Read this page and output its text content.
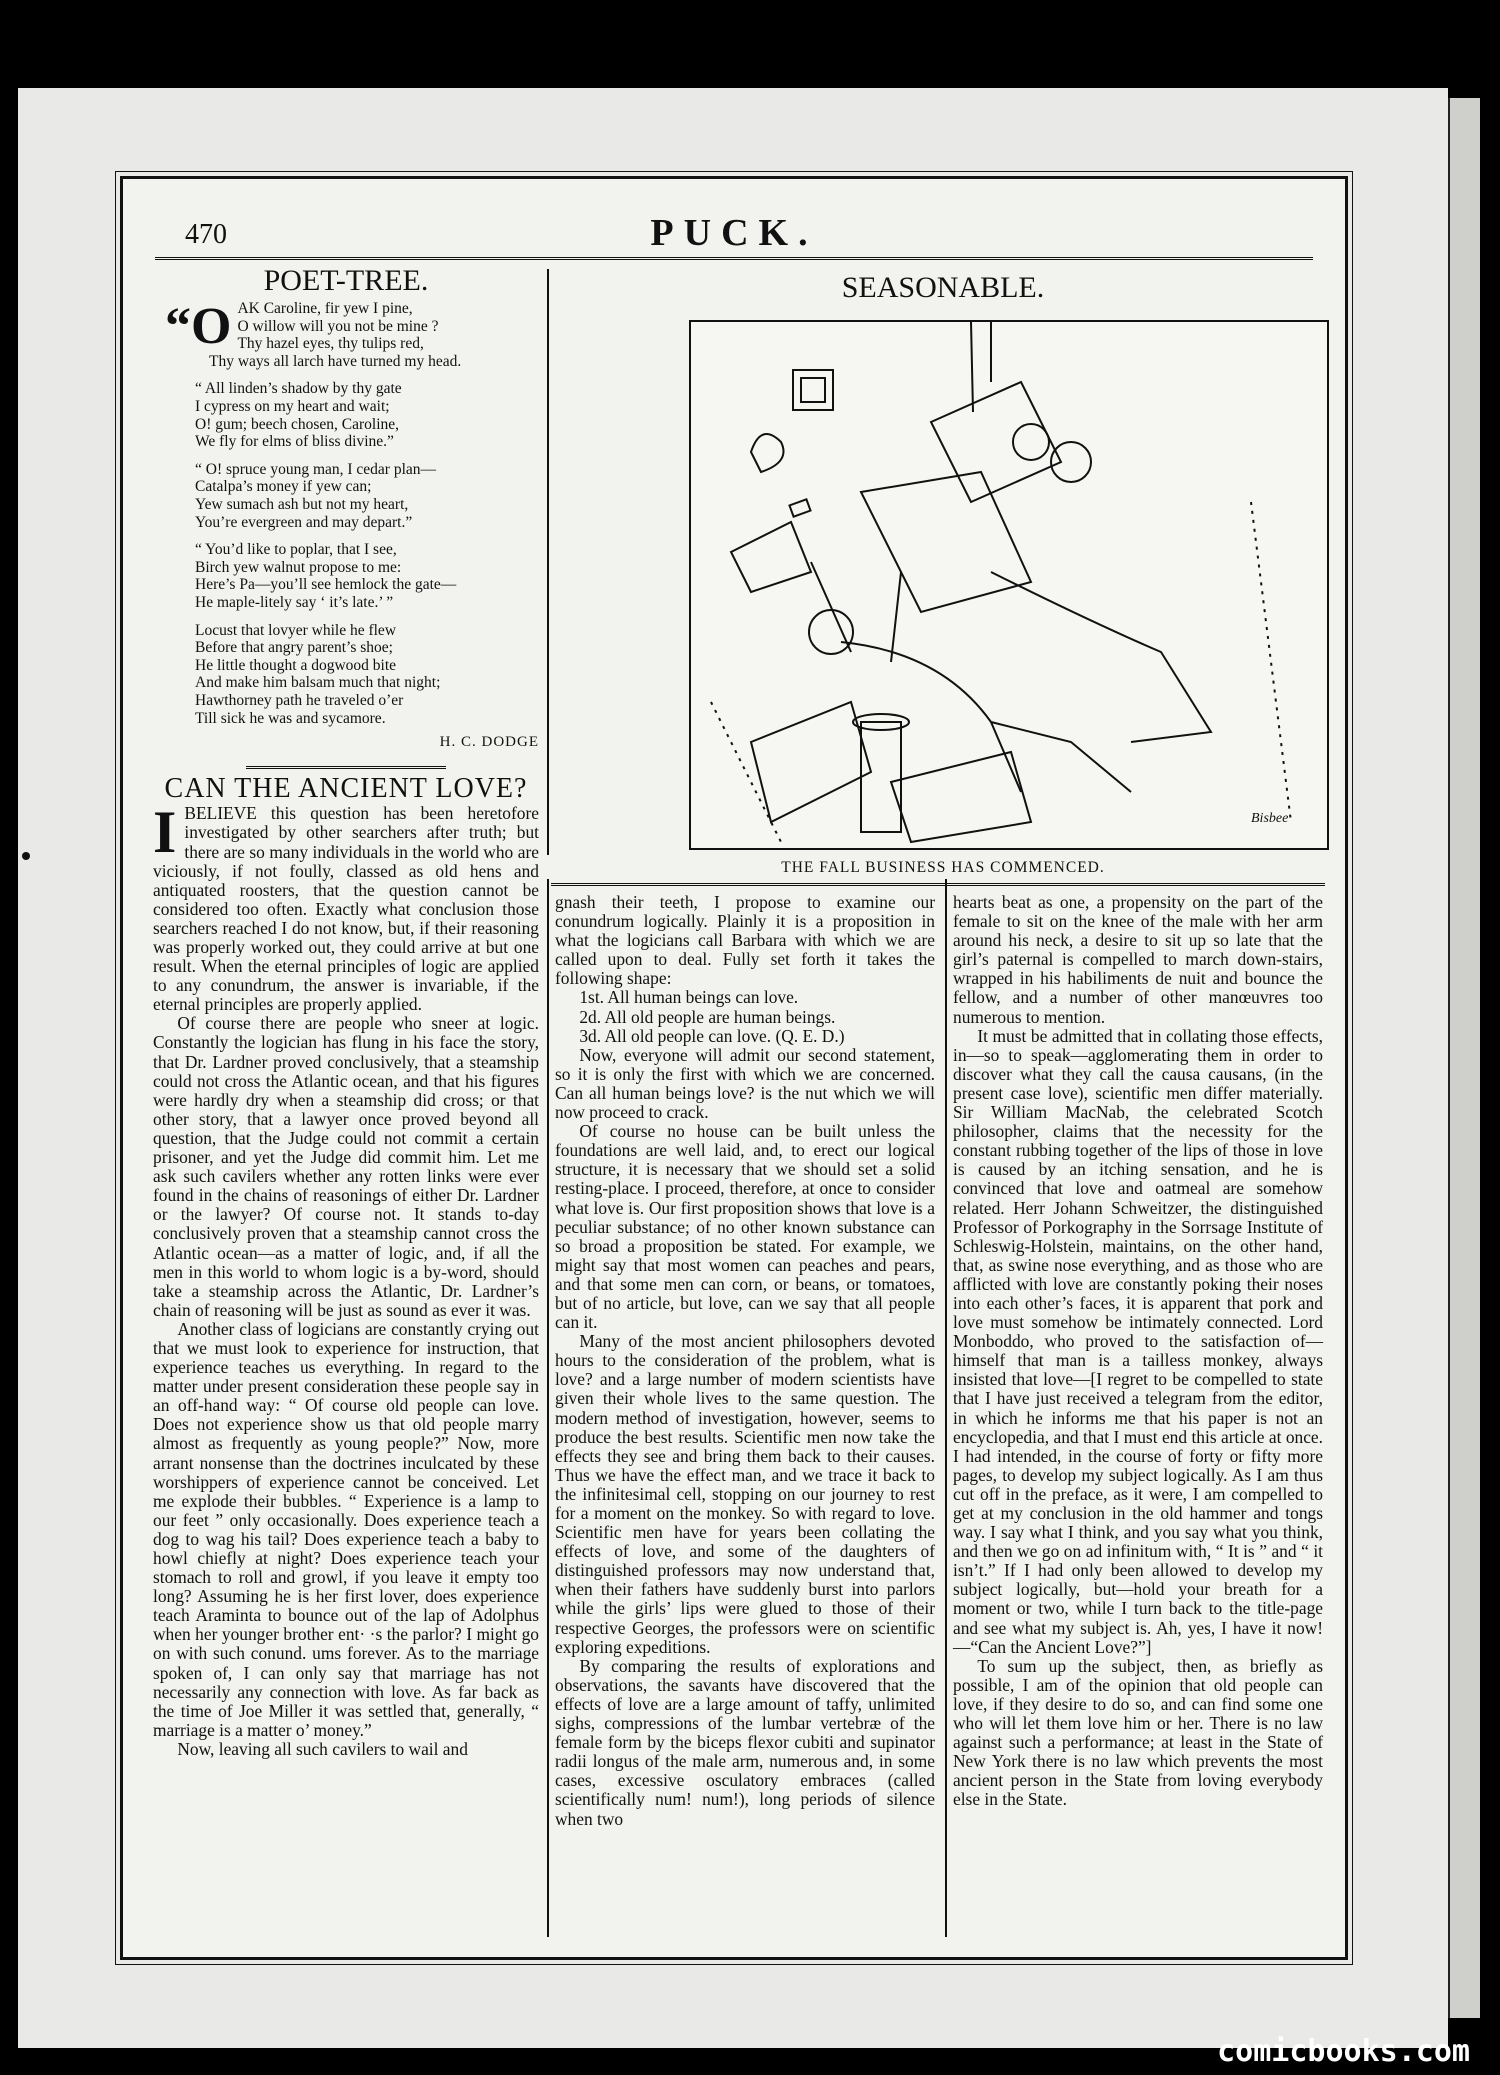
470	PUCK.
POET-TREE.
“O AK Caroline, fir yew I pine,
O willow will you not be mine ?
Thy hazel eyes, thy tulips red,
Thy ways all larch have turned my head.
“ All linden’s shadow by thy gate
I cypress on my heart and wait;
O! gum; beech chosen, Caroline,
We fly for elms of bliss divine.”
“ O! spruce young man, I cedar plan—
Catalpa’s money if yew can;
Yew sumach ash but not my heart,
You’re evergreen and may depart.”
“ You’d like to poplar, that I see,
Birch yew walnut propose to me:
Here’s Pa—you’ll see hemlock the gate—
He maple-litely say ‘ it’s late.’ ”
Locust that lovyer while he flew
Before that angry parent’s shoe;
He little thought a dogwood bite
And make him balsam much that night;
Hawthorney path he traveled o’er
Till sick he was and sycamore.
H. C. DODGE
CAN THE ANCIENT LOVE?

IBELIEVE this question has been heretofore investigated by other searchers after truth; but there are so many individuals in the world who are viciously, if not foully, classed as old hens and antiquated roosters, that the question cannot be considered too often. Exactly what conclusion those searchers reached I do not know, but, if their reasoning was properly worked out, they could arrive at but one result. When the eternal principles of logic are applied to any conundrum, the answer is invariable, if the eternal principles are properly applied.

Of course there are people who sneer at logic. Constantly the logician has flung in his face the story, that Dr. Lardner proved conclusively, that a steamship could not cross the Atlantic ocean, and that his figures were hardly dry when a steamship did cross; or that other story, that a lawyer once proved beyond all question, that the Judge could not commit a certain prisoner, and yet the Judge did commit him. Let me ask such cavilers whether any rotten links were ever found in the chains of reasonings of either Dr. Lardner or the lawyer? Of course not. It stands to-day conclusively proven that a steamship cannot cross the Atlantic ocean—as a matter of logic, and, if all the men in this world to whom logic is a by-word, should take a steamship across the Atlantic, Dr. Lardner’s chain of reasoning will be just as sound as ever it was.

Another class of logicians are constantly crying out that we must look to experience for instruction, that experience teaches us everything. In regard to the matter under present consideration these people say in an off-hand way: “ Of course old people can love. Does not experience show us that old people marry almost as frequently as young people?” Now, more arrant nonsense than the doctrines inculcated by these worshippers of experience cannot be conceived. Let me explode their bubbles. “ Experience is a lamp to our feet ” only occasionally. Does experience teach a dog to wag his tail? Does experience teach a baby to howl chiefly at night? Does experience teach your stomach to roll and growl, if you leave it empty too long? Assuming he is her first lover, does experience teach Araminta to bounce out of the lap of Adolphus when her younger brother ent· ·s the parlor? I might go on with such conund. ums forever. As to the marriage spoken of, I can only say that marriage has not necessarily any connection with love. As far back as the time of Joe Miller it was settled that, generally, “ marriage is a matter o’ money.”

Now, leaving all such cavilers to wail and

SEASONABLE.
Bisbee
THE FALL BUSINESS HAS COMMENCED.

gnash their teeth, I propose to examine our conundrum logically. Plainly it is a proposition in what the logicians call Barbara with which we are called upon to deal. Fully set forth it takes the following shape:

1st. All human beings can love.

2d. All old people are human beings.

3d. All old people can love. (Q. E. D.)

Now, everyone will admit our second statement, so it is only the first with which we are concerned. Can all human beings love? is the nut which we will now proceed to crack.

Of course no house can be built unless the foundations are well laid, and, to erect our logical structure, it is necessary that we should set a solid resting-place. I proceed, therefore, at once to consider what love is. Our first proposition shows that love is a peculiar substance; of no other known substance can so broad a proposition be stated. For example, we might say that most women can peaches and pears, and that some men can corn, or beans, or tomatoes, but of no article, but love, can we say that all people can it.

Many of the most ancient philosophers devoted hours to the consideration of the problem, what is love? and a large number of modern scientists have given their whole lives to the same question. The modern method of investigation, however, seems to produce the best results. Scientific men now take the effects they see and bring them back to their causes. Thus we have the effect man, and we trace it back to the infinitesimal cell, stopping on our journey to rest for a moment on the monkey. So with regard to love. Scientific men have for years been collating the effects of love, and some of the daughters of distinguished professors may now understand that, when their fathers have suddenly burst into parlors while the girls’ lips were glued to those of their respective Georges, the professors were on scientific exploring expeditions.

By comparing the results of explorations and observations, the savants have discovered that the effects of love are a large amount of taffy, unlimited sighs, compressions of the lumbar vertebræ of the female form by the biceps flexor cubiti and supinator radii longus of the male arm, numerous and, in some cases, excessive osculatory embraces (called scientifically num! num!), long periods of silence when two

hearts beat as one, a propensity on the part of the female to sit on the knee of the male with her arm around his neck, a desire to sit up so late that the girl’s paternal is compelled to march down-stairs, wrapped in his habiliments de nuit and bounce the fellow, and a number of other manœuvres too numerous to mention.

It must be admitted that in collating those effects, in—so to speak—agglomerating them in order to discover what they call the causa causans, (in the present case love), scientific men differ materially. Sir William MacNab, the celebrated Scotch philosopher, claims that the necessity for the constant rubbing together of the lips of those in love is caused by an itching sensation, and he is convinced that love and oatmeal are somehow related. Herr Johann Schweitzer, the distinguished Professor of Porkography in the Sorrsage Institute of Schleswig-Holstein, maintains, on the other hand, that, as swine nose everything, and as those who are afflicted with love are constantly poking their noses into each other’s faces, it is apparent that pork and love must somehow be intimately connected. Lord Monboddo, who proved to the satisfaction of—himself that man is a tailless monkey, always insisted that love—[I regret to be compelled to state that I have just received a telegram from the editor, in which he informs me that his paper is not an encyclopedia, and that I must end this article at once. I had intended, in the course of forty or fifty more pages, to develop my subject logically. As I am thus cut off in the preface, as it were, I am compelled to get at my conclusion in the old hammer and tongs way. I say what I think, and you say what you think, and then we go on ad infinitum with, “ It is ” and “ it isn’t.” If I had only been allowed to develop my subject logically, but—hold your breath for a moment or two, while I turn back to the title-page and see what my subject is. Ah, yes, I have it now!—“Can the Ancient Love?”]

To sum up the subject, then, as briefly as possible, I am of the opinion that old people can love, if they desire to do so, and can find some one who will let them love him or her. There is no law against such a performance; at least in the State of New York there is no law which prevents the most ancient person in the State from loving everybody else in the State.

comicbooks.com
